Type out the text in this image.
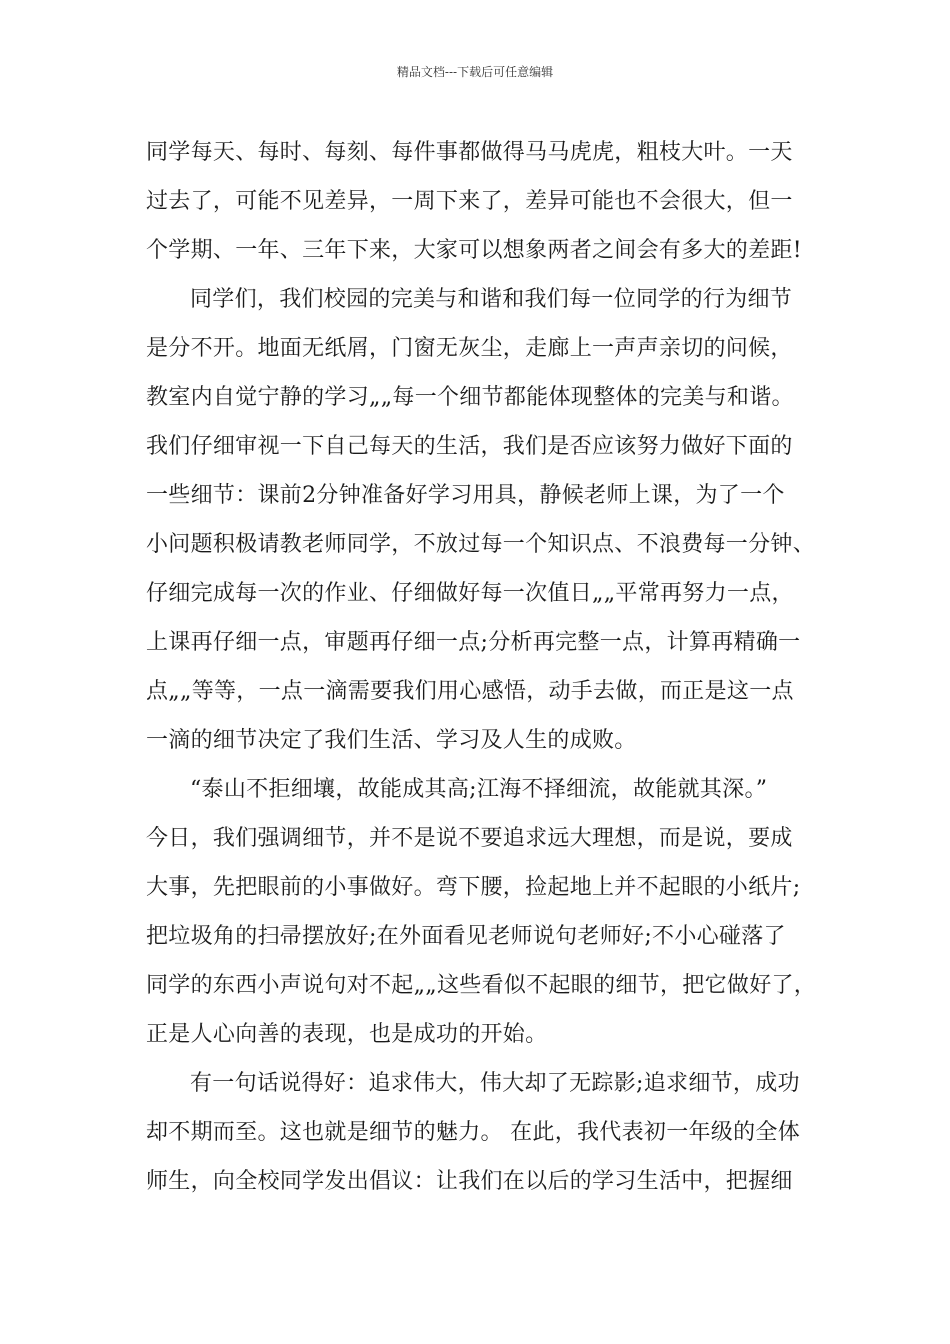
精品文档---下载后可任意编辑
同学每天、每时、每刻、每件事都做得马马虎虎，粗枝大叶。一天
过去了，可能不见差异，一周下来了，差异可能也不会很大，但一
个学期、一年、三年下来，大家可以想象两者之间会有多大的差距!
同学们，我们校园的完美与和谐和我们每一位同学的行为细节
是分不开。地面无纸屑，门窗无灰尘，走廊上一声声亲切的问候，
教室内自觉宁静的学习„„每一个细节都能体现整体的完美与和谐。
我们仔细审视一下自己每天的生活，我们是否应该努力做好下面的
一些细节：课前2分钟准备好学习用具，静候老师上课，为了一个
小问题积极请教老师同学，不放过每一个知识点、不浪费每一分钟、
仔细完成每一次的作业、仔细做好每一次值日„„平常再努力一点，
上课再仔细一点，审题再仔细一点;分析再完整一点，计算再精确一
点„„等等，一点一滴需要我们用心感悟，动手去做，而正是这一点
一滴的细节决定了我们生活、学习及人生的成败。
“泰山不拒细壤，故能成其高;江海不择细流，故能就其深。”
今日，我们强调细节，并不是说不要追求远大理想，而是说，要成
大事，先把眼前的小事做好。弯下腰，捡起地上并不起眼的小纸片;
把垃圾角的扫帚摆放好;在外面看见老师说句老师好;不小心碰落了
同学的东西小声说句对不起„„这些看似不起眼的细节，把它做好了，
正是人心向善的表现，也是成功的开始。
有一句话说得好：追求伟大，伟大却了无踪影;追求细节，成功
却不期而至。这也就是细节的魅力。 在此，我代表初一年级的全体
师生，向全校同学发出倡议：让我们在以后的学习生活中，把握细
